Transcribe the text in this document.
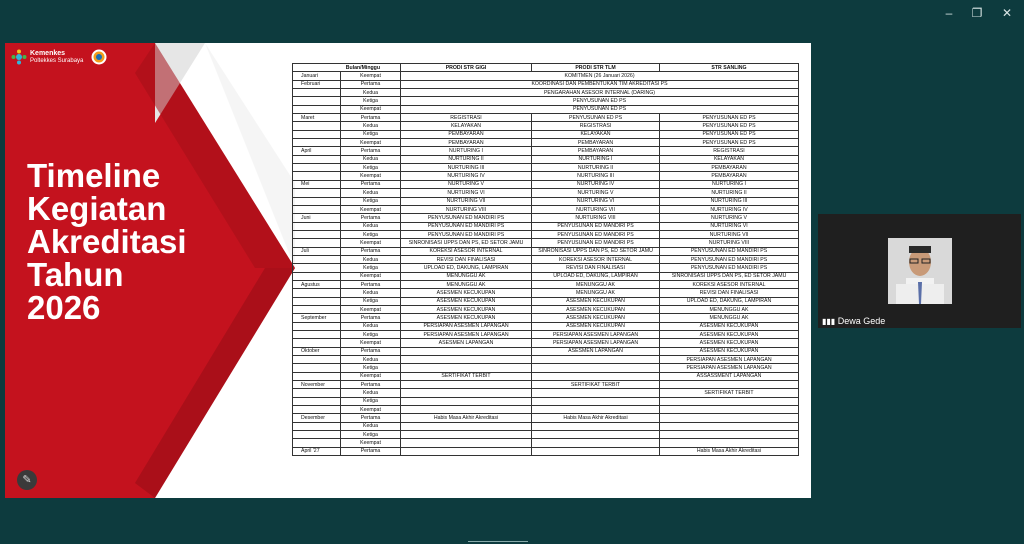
–	❐	✕
Kemenkes
Poltekkes Surabaya
Timeline
Kegiatan
Akreditasi
Tahun
2026
✎
Bulan/Minggu		PRODI STR GIGI	PRODI STR TLM	STR SANLING
Januari	Keempat	KOMITMEN (26 Januari 2026)		
Februari	Pertama	KOORDINASI DAN PEMBENTUKAN TIM AKREDITASI PS		
	Kedua	PENGARAHAN ASESOR INTERNAL (DARING)		
	Ketiga	PENYUSUNAN ED PS		
	Keempat	PENYUSUNAN ED PS		
Maret	Pertama	REGISTRASI	PENYUSUNAN ED PS	PENYUSUNAN ED PS
	Kedua	KELAYAKAN	REGISTRASI	PENYUSUNAN ED PS
	Ketiga	PEMBAYARAN	KELAYAKAN	PENYUSUNAN ED PS
	Keempat	PEMBAYARAN	PEMBAYARAN	PENYUSUNAN ED PS
April	Pertama	NURTURING I	PEMBAYARAN	REGISTRASI
	Kedua	NURTURING II	NURTURING I	KELAYAKAN
	Ketiga	NURTURING III	NURTURING II	PEMBAYARAN
	Keempat	NURTURING IV	NURTURING III	PEMBAYARAN
Mei	Pertama	NURTURING V	NURTURING IV	NURTURING I
	Kedua	NURTURING VI	NURTURING V	NURTURING II
	Ketiga	NURTURING VII	NURTURING VI	NURTURING III
	Keempat	NURTURING VIII	NURTURING VII	NURTURING IV
Juni	Pertama	PENYUSUNAN ED MANDIRI PS	NURTURING VIII	NURTURING V
	Kedua	PENYUSUNAN ED MANDIRI PS	PENYUSUNAN ED MANDIRI PS	NURTURING VI
	Ketiga	PENYUSUNAN ED MANDIRI PS	PENYUSUNAN ED MANDIRI PS	NURTURING VII
	Keempat	SINRONISASI UPPS DAN PS, ED SETOR JAMU	PENYUSUNAN ED MANDIRI PS	NURTURING VIII
Juli	Pertama	KOREKSI ASESOR INTERNAL	SINRONISASI UPPS DAN PS, ED SETOR JAMU	PENYUSUNAN ED MANDIRI PS
	Kedua	REVISI DAN FINALISASI	KOREKSI ASESOR INTERNAL	PENYUSUNAN ED MANDIRI PS
	Ketiga	UPLOAD ED, DAKUNG, LAMPIRAN	REVISI DAN FINALISASI	PENYUSUNAN ED MANDIRI PS
	Keempat	MENUNGGU AK	UPLOAD ED, DAKUNG, LAMPIRAN	SINRONISASI UPPS DAN PS, ED SETOR JAMU
Agustus	Pertama	MENUNGGU AK	MENUNGGU AK	KOREKSI ASESOR INTERNAL
	Kedua	ASESMEN KECUKUPAN	MENUNGGU AK	REVISI DAN FINALISASI
	Ketiga	ASESMEN KECUKUPAN	ASESMEN KECUKUPAN	UPLOAD ED, DAKUNG, LAMPIRAN
	Keempat	ASESMEN KECUKUPAN	ASESMEN KECUKUPAN	MENUNGGU AK
September	Pertama	ASESMEN KECUKUPAN	ASESMEN KECUKUPAN	MENUNGGU AK
	Kedua	PERSIAPAN ASESMEN LAPANGAN	ASESMEN KECUKUPAN	ASESMEN KECUKUPAN
	Ketiga	PERSIAPAN ASESMEN LAPANGAN	PERSIAPAN ASESMEN LAPANGAN	ASESMEN KECUKUPAN
	Keempat	ASESMEN LAPANGAN	PERSIAPAN ASESMEN LAPANGAN	ASESMEN KECUKUPAN
Oktober	Pertama		ASESMEN LAPANGAN	ASESMEN KECUKUPAN
	Kedua			PERSIAPAN ASESMEN LAPANGAN
	Ketiga			PERSIAPAN ASESMEN LAPANGAN
	Keempat	SERTIFIKAT TERBIT		ASSASSMENT LAPANGAN
November	Pertama		SERTIFIKAT TERBIT	
	Kedua			SERTIFIKAT TERBIT
	Ketiga			
	Keempat			
Desember	Pertama	Habis Masa Akhir Akreditasi	Habis Masa Akhir Akreditasi	
	Kedua			
	Ketiga			
	Keempat			
April '27	Pertama			Habis Masa Akhir Akreditasi
▮▮▮ Dewa Gede
